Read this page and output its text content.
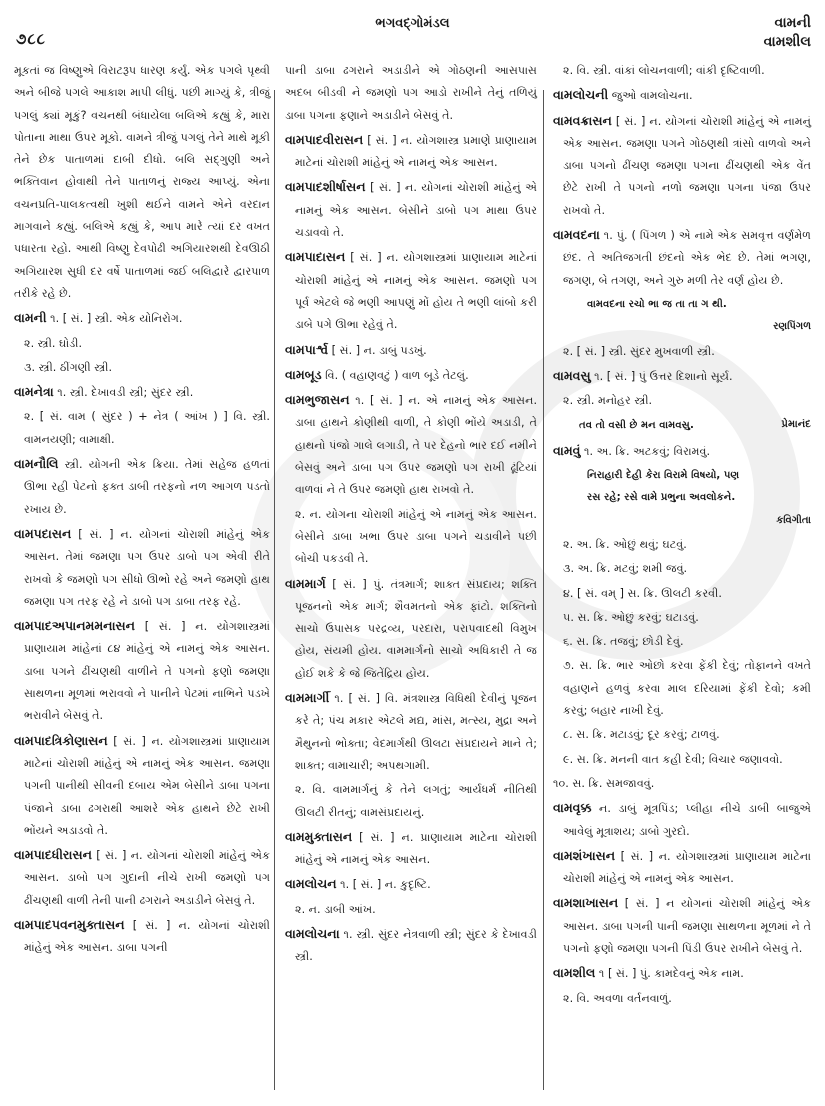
૭૮૮
ભગવદ્ગોમંડલ	વામની
વામશીલ

મૂકતાં જ વિષ્ણુએ વિરાટરૂપ ધારણ કર્યું. એક પગલે પૃથ્વી અને બીજે પગલે આકાશ માપી લીધું. પછી માગ્યું કે, ત્રીજું પગલું ક્યાં મૂકું? વચનથી બંધાયેલા બલિએ કહ્યું કે, મારા પોતાના માથા ઉપર મૂકો. વામને ત્રીજું પગલું તેને માથે મૂકી તેને છેક પાતાળમાં દાબી દીધો. બલિ સદ્ગુણી અને ભક્તિવાન હોવાથી તેને પાતાળનું રાજ્ય આપ્યું. એના વચનપ્રતિ-પાલકત્વથી ખુશી થઈને વામને એને વરદાન માગવાને કહ્યું. બલિએ કહ્યું કે, આપ મારે ત્યાં દર વખત પધારતા રહો. આથી વિષ્ણુ દેવપોઢી અગિયારશથી દેવઊઠી અગિયારશ સુધી દર વર્ષે પાતાળમાં જઈ બલિદ્વારે દ્વારપાળ તરીકે રહે છે.

વામની ૧. [ સં. ] સ્ત્રી. એક યોનિરોગ.

૨. સ્ત્રી. ઘોડી.

૩. સ્ત્રી. ઠીંગણી સ્ત્રી.

વામનેત્રા ૧. સ્ત્રી. દેખાવડી સ્ત્રી; સુંદર સ્ત્રી.

૨. [ સં. વામ ( સુંદર ) + નેત્ર ( આંખ ) ] વિ. સ્ત્રી. વામનયણી; વામાક્ષી.

વામનૌલિ સ્ત્રી. યોગની એક ક્રિયા. તેમાં સહેજ હળતાં ઊભા રહી પેટનો ફક્ત ડાબી તરફનો નળ આગળ પડતો રખાય છે.

વામપદાસન [ સં. ] ન. યોગનાં ચોરાશી માંહેનું એક આસન. તેમાં જમણા પગ ઉપર ડાબો પગ એવી રીતે રાખવો કે જમણો પગ સીધો ઊભો રહે અને જમણો હાથ જમણા પગ તરફ રહે ને ડાબો પગ ડાબા તરફ રહે.

વામપાદઅપાનમમનાસન [ સં. ] ન. યોગશાસ્ત્રમાં પ્રાણાયામ માંહેનાં ૮૪ માંહેનું એ નામનું એક આસન. ડાબા પગને ઢીંચણથી વાળીને તે પગનો ફણો જમણા સાથળના મૂળમાં ભરાવવો ને પાનીને પેટમાં નાભિને પડખે ભરાવીને બેસવું તે.

વામપાદત્રિકોણાસન [ સં. ] ન. યોગશાસ્ત્રમાં પ્રાણાયામ માટેનાં ચોરાશી માંહેનું એ નામનું એક આસન. જમણા પગની પાનીથી સીવની દબાય એમ બેસીને ડાબા પગના પંજાને ડાબા ઢગરાથી આશરે એક હાથને છેટે રાખી ભોંયને અડાડવો તે.

વામપાદધીરાસન [ સં. ] ન. યોગનાં ચોરાશી માંહેનું એક આસન. ડાબો પગ ગુદાની નીચે રાખી જમણો પગ ઢીંચણથી વાળી તેની પાની ઢગરાને અડાડીને બેસવું તે.

વામપાદપવનમુક્તાસન [ સં. ] ન. યોગનાં ચોરાશી માંહેનું એક આસન. ડાબા પગની

પાની ડાબા ઢગરાને અડાડીને એ ગોઠણની આસપાસ અદબ બીડવી ને જમણો પગ આડો રાખીને તેનું તળિયું ડાબા પગના ફણાને અડાડીને બેસવું તે.

વામપાદવીરાસન [ સં. ] ન. યોગશાસ્ત્ર પ્રમાણે પ્રાણાયામ માટેનાં ચોરાશી માંહેનું એ નામનું એક આસન.

વામપાદશીર્ષાસન [ સં. ] ન. યોગનાં ચોરાશી માંહેનું એ નામનું એક આસન. બેસીને ડાબો પગ માથા ઉપર ચડાવવો તે.

વામપાદાસન [ સં. ] ન. યોગશાસ્ત્રમાં પ્રાણાયામ માટેનાં ચોરાશી માંહેનું એ નામનું એક આસન. જમણો પગ પૂર્વ એટલે જે ભણી આપણું મોં હોય તે ભણી લાંબો કરી ડાબે પગે ઊભા રહેવું તે.

વામપાર્શ્વ [ સં. ] ન. ડાબું પડખું.

વામબૂડ વિ. ( વહાણવટું ) વાળ બૂડે તેટલું.

વામભુજાસન ૧. [ સં. ] ન. એ નામનું એક આસન. ડાબા હાથને કોણીથી વાળી, તે કોણી ભોંયે અડાડી, તે હાથનો પંજો ગાલે લગાડી, તે પર દેહનો ભાર દઈ નમીને બેસવું અને ડાબા પગ ઉપર જમણો પગ રાખી ઢૂંટિયાં વાળવાં ને તે ઉપર જમણો હાથ રાખવો તે.

૨. ન. યોગના ચોરાશી માંહેનું એ નામનું એક આસન. બેસીને ડાબા ખભા ઉપર ડાબા પગને ચડાવીને પછી બોચી પકડવી તે.

વામમાર્ગ [ સં. ] પું. તંત્રમાર્ગ; શાક્ત સંપ્રદાય; શક્તિ પૂજનનો એક માર્ગ; શૈવમતનો એક ફાંટો. શક્તિનો સાચો ઉપાસક પરદ્રવ્ય, પરદારા, પરાપવાદથી વિમુખ હોય, સંયમી હોય. વામમાર્ગનો સાચો અધિકારી તે જ હોઈ શકે કે જે જિતેંદ્રિય હોય.

વામમાર્ગી ૧. [ સં. ] વિ. મંત્રશાસ્ત્ર વિધિથી દેવીનું પૂજન કરે તે; પંચ મકાર એટલે મદ્ય, માંસ, મત્સ્ય, મુદ્રા અને મૈથુનનો ભોક્તા; વેદમાર્ગથી ઊલટા સંપ્રદાયને માને તે; શાક્ત; વામાચારી; અપથગામી.

૨. વિ. વામમાર્ગનું કે તેને લગતું; આર્યધર્મ નીતિથી ઊલટી રીતનું; વામસંપ્રદાયનું.

વામમુક્તાસન [ સં. ] ન. પ્રાણાયામ માટેના ચોરાશી માંહેનું એ નામનું એક આસન.

વામલોચન ૧. [ સં. ] ન. કુદૃષ્ટિ.

૨. ન. ડાબી આંખ.

વામલોચના ૧. સ્ત્રી. સુંદર નેત્રવાળી સ્ત્રી; સુંદર કે દેખાવડી સ્ત્રી.

૨. વિ. સ્ત્રી. વાંકાં લોચનવાળી; વાંકી દૃષ્ટિવાળી.

વામલોચની જુઓ વામલોચના.

વામવક્રાસન [ સં. ] ન. યોગનાં ચોરાશી માંહેનું એ નામનું એક આસન. જમણા પગને ગોઠણથી ત્રાંસો વાળવો અને ડાબા પગનો ઢીંચણ જમણા પગના ઢીંચણથી એક વેંત છેટે રાખી તે પગનો નળો જમણા પગના પંજા ઉપર રાખવો તે.

વામવદના ૧. પું. ( પિંગળ ) એ નામે એક સમવૃત્ત વર્ણમેળ છંદ. તે અતિજગતી છંદનો એક ભેદ છે. તેમાં ભગણ, જગણ, બે તગણ, અને ગુરુ મળી તેર વર્ણ હોય છે.

વામવદના રચો ભા જ તા તા ગ થી.

રણપિંગળ

૨. [ સં. ] સ્ત્રી. સુંદર મુખવાળી સ્ત્રી.

વામવસુ ૧. [ સં. ] પું ઉત્તર દિશાનો સૂર્ય.

૨. સ્ત્રી. મનોહર સ્ત્રી.

તવ તો વસી છે મન વામવસુ.	પ્રેમાનંદ

વામવું ૧. અ. ક્રિ. અટકવું; વિરામવું.

નિરાહારી દેહી કેરા વિરામે વિષયો, પણ

રસ રહે; રસે વામે પ્રભુના અવલોકને.

કવિગીતા

૨. અ. ક્રિ. ઓછું થવું; ઘટવું.

૩. અ. ક્રિ. મટવું; શમી જવું.

૪. [ સં. વમ્ ] સ. ક્રિ. ઊલટી કરવી.

૫. સ. ક્રિ. ઓછું કરવું; ઘટાડવું.

૬. સ. ક્રિ. તજવું; છોડી દેવું.

૭. સ. ક્રિ. ભાર ઓછો કરવા ફેંકી દેવું; તોફાનને વખતે વહાણને હળવું કરવા માલ દરિયામાં ફેંકી દેવો; કમી કરવું; બહાર નાખી દેવું.

૮. સ. ક્રિ. મટાડવું; દૂર કરવું; ટાળવું.

૯. સ. ક્રિ. મનની વાત કહી દેવી; વિચાર જણાવવો.

૧૦. સ. ક્રિ. સમજાવવું.

વામવૃક્ક ન. ડાબું મૂત્રપિંડ; પ્લીહા નીચે ડાબી બાજુએ આવેલું મૂત્રાશય; ડાબો ગુરદો.

વામશંખાસન [ સં. ] ન. યોગશાસ્ત્રમાં પ્રાણાયામ માટેના ચોરાશી માંહેનું એ નામનું એક આસન.

વામશાખાસન [ સં. ] ન યોગનાં ચોરાશી માંહેનું એક આસન. ડાબા પગની પાની જમણા સાથળના મૂળમાં ને તે પગનો ફણો જમણા પગની પિંડી ઉપર રાખીને બેસવું તે.

વામશીલ ૧ [ સં. ] પું. કામદેવનું એક નામ.

૨. વિ. અવળા વર્તનવાળું.
